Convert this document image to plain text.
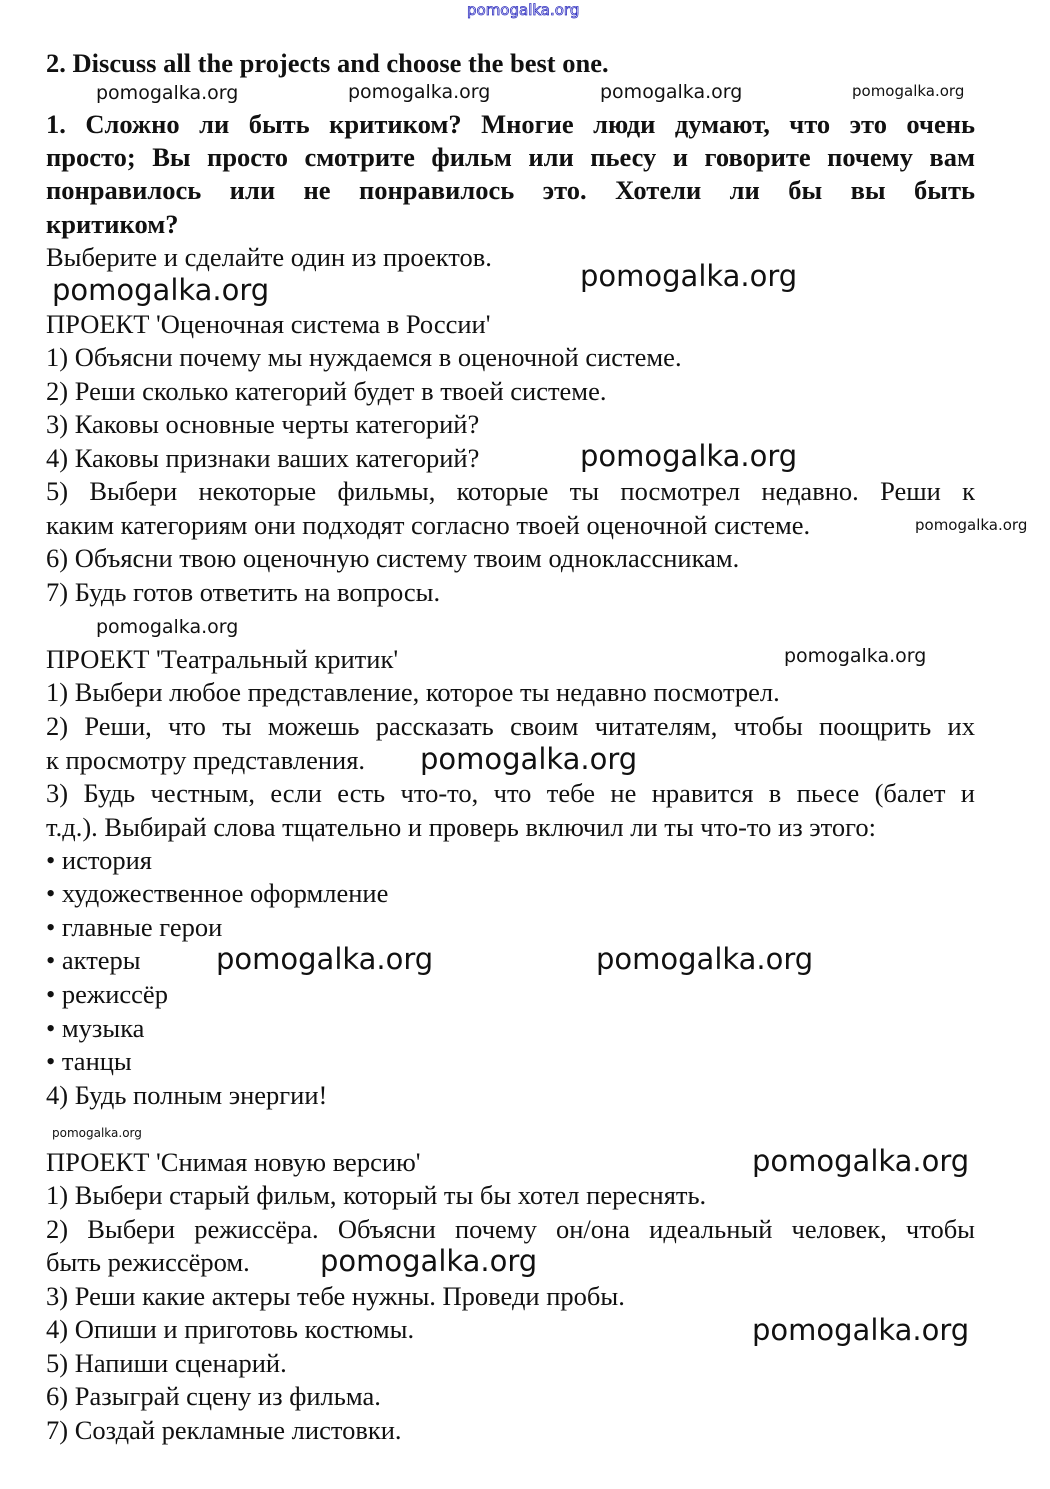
pomogalka.org
2. Discuss all the projects and choose the best one.
1. Сложно ли быть критиком? Многие люди думают, что это очень
просто; Вы просто смотрите фильм или пьесу и говорите почему вам
понравилось или не понравилось это. Хотели ли бы вы быть
критиком?
Выберите и сделайте один из проектов.
ПРОЕКТ 'Оценочная система в России'
1) Объясни почему мы нуждаемся в оценочной системе.
2) Реши сколько категорий будет в твоей системе.
3) Каковы основные черты категорий?
4) Каковы признаки ваших категорий?
5) Выбери некоторые фильмы, которые ты посмотрел недавно. Реши к
каким категориям они подходят согласно твоей оценочной системе.
6) Объясни твою оценочную систему твоим одноклассникам.
7) Будь готов ответить на вопросы.
ПРОЕКТ 'Театральный критик'
1) Выбери любое представление, которое ты недавно посмотрел.
2) Реши, что ты можешь рассказать своим читателям, чтобы поощрить их
к просмотру представления.
3) Будь честным, если есть что-то, что тебе не нравится в пьесе (балет и
т.д.). Выбирай слова тщательно и проверь включил ли ты что-то из этого:
• история
• художественное оформление
• главные герои
• актеры
• режиссёр
• музыка
• танцы
4) Будь полным энергии!
ПРОЕКТ 'Снимая новую версию'
1) Выбери старый фильм, который ты бы хотел переснять.
2) Выбери режиссёра. Объясни почему он/она идеальный человек, чтобы
быть режиссёром.
3) Реши какие актеры тебе нужны. Проведи пробы.
4) Опиши и приготовь костюмы.
5) Напиши сценарий.
6) Разыграй сцену из фильма.
7) Создай рекламные листовки.
pomogalka.org	pomogalka.org	pomogalka.org	pomogalka.org
pomogalka.org
pomogalka.org
pomogalka.org
pomogalka.org
pomogalka.org
pomogalka.org
pomogalka.org
pomogalka.org	pomogalka.org
pomogalka.org
pomogalka.org
pomogalka.org
pomogalka.org
